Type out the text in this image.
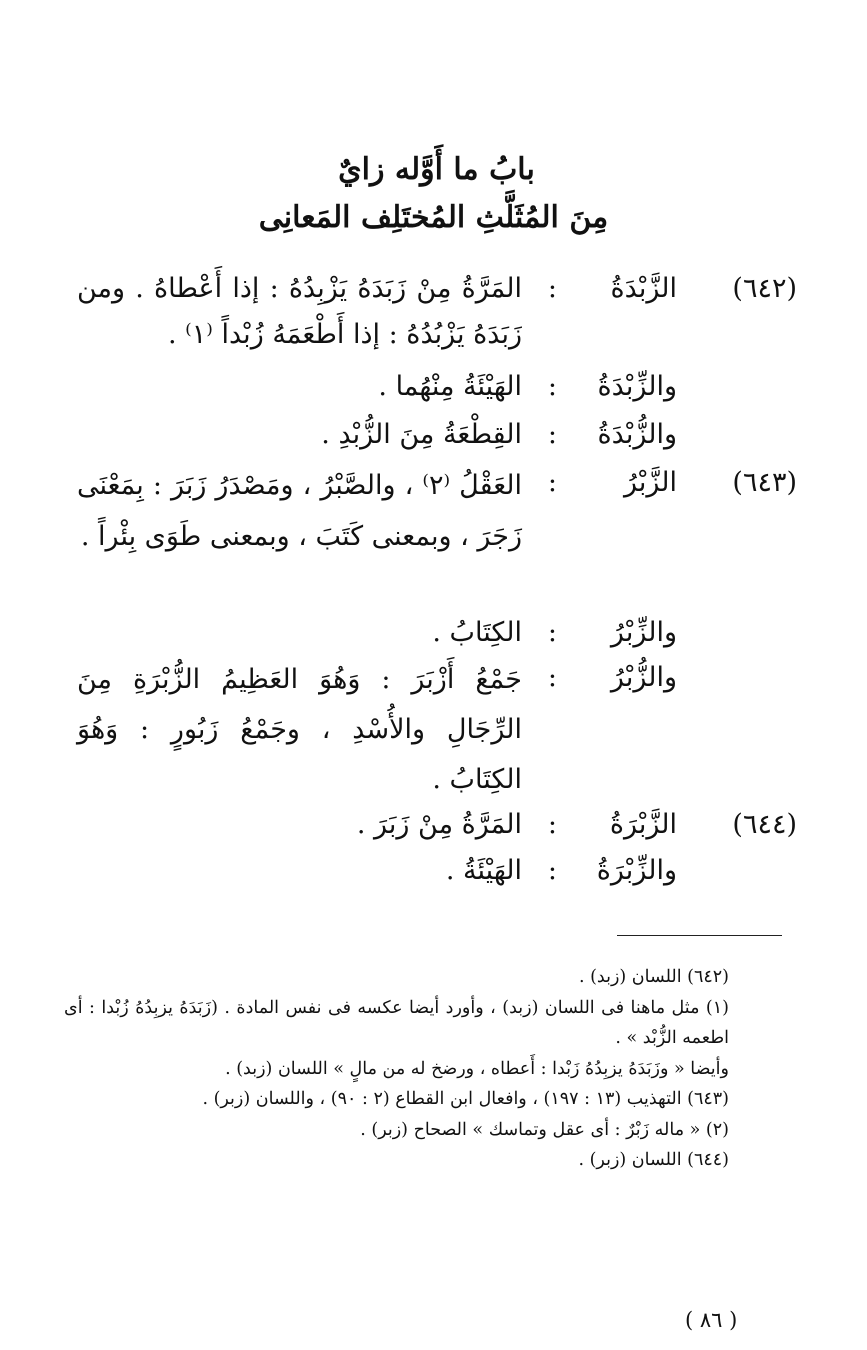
بابُ ما أَوَّله زايٌ
مِنَ المُثَلَّثِ المُختَلِف المَعانِى
(٦٤٢)
الزَّبْدَةُ
:
المَرَّةُ مِنْ زَبَدَهُ يَزْبِدُهُ : إذا أَعْطاهُ . ومن زَبَدَهُ يَزْبُدُهُ : إذا أَطْعَمَهُ زُبْداً ⁽١⁾ .
والزِّبْدَةُ
:
الهَيْئَةُ مِنْهُما .
والزُّبْدَةُ
:
القِطْعَةُ مِنَ الزُّبْدِ .
(٦٤٣)
الزَّبْرُ
:
العَقْلُ ⁽٢⁾ ، والصَّبْرُ ، ومَصْدَرُ زَبَرَ : بِمَعْنَى زَجَرَ ، وبمعنى كَتَبَ ، وبمعنى طَوَى بِئْراً .
والزِّبْرُ
:
الكِتَابُ .
والزُّبْرُ
:
جَمْعُ أَزْبَرَ : وَهُوَ العَظِيمُ الزُّبْرَةِ مِنَ الرِّجَالِ والأُسْدِ ، وجَمْعُ زَبُورٍ : وَهُوَ الكِتَابُ .
(٦٤٤)
الزَّبْرَةُ
:
المَرَّةُ مِنْ زَبَرَ .
والزِّبْرَةُ
:
الهَيْئَةُ .

(٦٤٢) اللسان (زبد) .

(١) مثل ماهنا فى اللسان (زبد) ، وأورد أيضا عكسه فى نفس المادة . (زَبَدَهُ يزبِدُهُ زُبْدا : أى اطعمه الزُّبْد » .

وأيضا « وزَبَدَهُ يزبِدُهُ زَبْدا : أَعطاه ، ورضخ له من مالٍ » اللسان (زبد) .

(٦٤٣) التهذيب (١٣ : ١٩٧) ، وافعال ابن القطاع (٢ : ٩٠) ، واللسان (زبر) .

(٢) « ماله زَبْرٌ : أى عقل وتماسك » الصحاح (زبر) .

(٦٤٤) اللسان (زبر) .

( ٨٦ )
